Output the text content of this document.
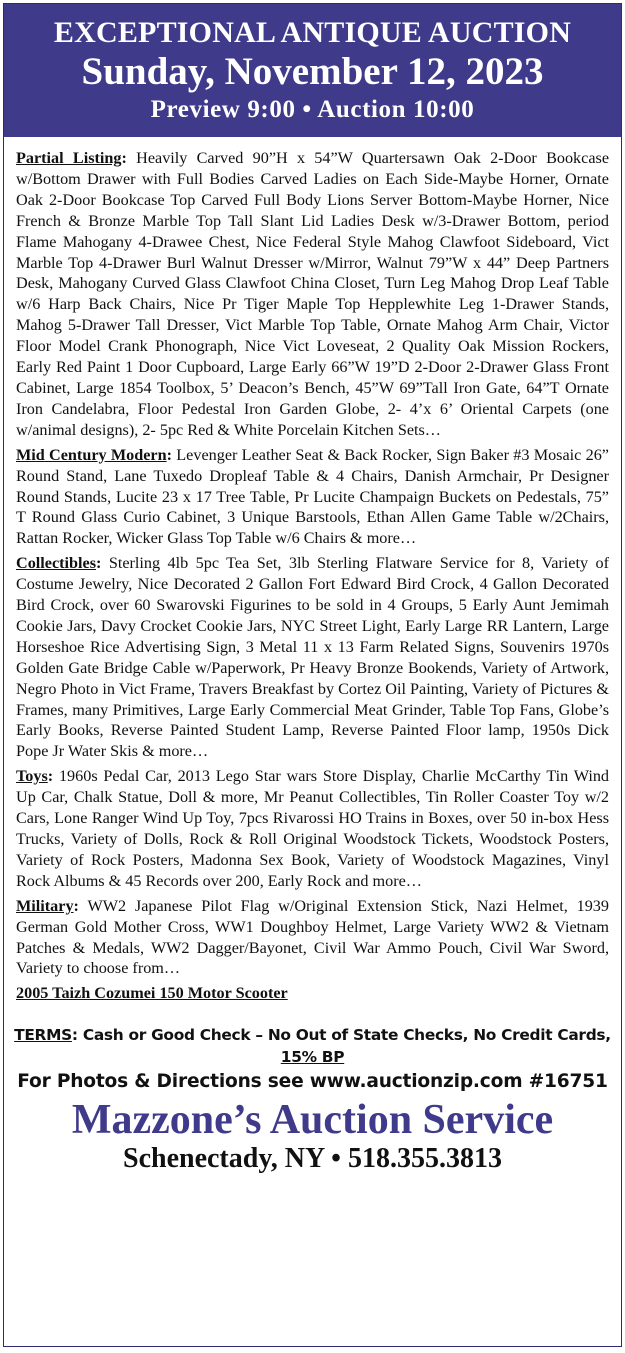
EXCEPTIONAL ANTIQUE AUCTION
Sunday, November 12, 2023
Preview 9:00 • Auction 10:00
Partial Listing: Heavily Carved 90”H x 54”W Quartersawn Oak 2-Door Bookcase w/Bottom Drawer with Full Bodies Carved Ladies on Each Side-Maybe Horner, Ornate Oak 2-Door Bookcase Top Carved Full Body Lions Server Bottom-Maybe Horner, Nice French & Bronze Marble Top Tall Slant Lid Ladies Desk w/3-Drawer Bottom, period Flame Mahogany 4-Drawee Chest, Nice Federal Style Mahog Clawfoot Sideboard, Vict Marble Top 4-Drawer Burl Walnut Dresser w/Mirror, Walnut 79”W x 44” Deep Partners Desk, Mahogany Curved Glass Clawfoot China Closet, Turn Leg Mahog Drop Leaf Table w/6 Harp Back Chairs, Nice Pr Tiger Maple Top Hepplewhite Leg 1-Drawer Stands, Mahog 5-Drawer Tall Dresser, Vict Marble Top Table, Ornate Mahog Arm Chair, Victor Floor Model Crank Phonograph, Nice Vict Loveseat, 2 Quality Oak Mission Rockers, Early Red Paint 1 Door Cupboard, Large Early 66”W 19”D 2-Door 2-Drawer Glass Front Cabinet, Large 1854 Toolbox, 5’ Deacon’s Bench, 45”W 69”Tall Iron Gate, 64”T Ornate Iron Candelabra, Floor Pedestal Iron Garden Globe, 2- 4’x 6’ Oriental Carpets (one w/animal designs), 2- 5pc Red & White Porcelain Kitchen Sets…
Mid Century Modern: Levenger Leather Seat & Back Rocker, Sign Baker #3 Mosaic 26” Round Stand, Lane Tuxedo Dropleaf Table & 4 Chairs, Danish Armchair, Pr Designer Round Stands, Lucite 23 x 17 Tree Table, Pr Lucite Champaign Buckets on Pedestals, 75” T Round Glass Curio Cabinet, 3 Unique Barstools, Ethan Allen Game Table w/2Chairs, Rattan Rocker, Wicker Glass Top Table w/6 Chairs & more…
Collectibles: Sterling 4lb 5pc Tea Set, 3lb Sterling Flatware Service for 8, Variety of Costume Jewelry, Nice Decorated 2 Gallon Fort Edward Bird Crock, 4 Gallon Decorated Bird Crock, over 60 Swarovski Figurines to be sold in 4 Groups, 5 Early Aunt Jemimah Cookie Jars, Davy Crocket Cookie Jars, NYC Street Light, Early Large RR Lantern, Large Horseshoe Rice Advertising Sign, 3 Metal 11 x 13 Farm Related Signs, Souvenirs 1970s Golden Gate Bridge Cable w/Paperwork, Pr Heavy Bronze Bookends, Variety of Artwork, Negro Photo in Vict Frame, Travers Breakfast by Cortez Oil Painting, Variety of Pictures & Frames, many Primitives, Large Early Commercial Meat Grinder, Table Top Fans, Globe’s Early Books, Reverse Painted Student Lamp, Reverse Painted Floor lamp, 1950s Dick Pope Jr Water Skis & more…
Toys: 1960s Pedal Car, 2013 Lego Star wars Store Display, Charlie McCarthy Tin Wind Up Car, Chalk Statue, Doll & more, Mr Peanut Collectibles, Tin Roller Coaster Toy w/2 Cars, Lone Ranger Wind Up Toy, 7pcs Rivarossi HO Trains in Boxes, over 50 in-box Hess Trucks, Variety of Dolls, Rock & Roll Original Woodstock Tickets, Woodstock Posters, Variety of Rock Posters, Madonna Sex Book, Variety of Woodstock Magazines, Vinyl Rock Albums & 45 Records over 200, Early Rock and more…
Military: WW2 Japanese Pilot Flag w/Original Extension Stick, Nazi Helmet, 1939 German Gold Mother Cross, WW1 Doughboy Helmet, Large Variety WW2 & Vietnam Patches & Medals, WW2 Dagger/Bayonet, Civil War Ammo Pouch, Civil War Sword, Variety to choose from…
2005 Taizh Cozumei 150 Motor Scooter
TERMS: Cash or Good Check – No Out of State Checks, No Credit Cards, 15% BP
For Photos & Directions see www.auctionzip.com #16751
Mazzone’s Auction Service
Schenectady, NY • 518.355.3813
